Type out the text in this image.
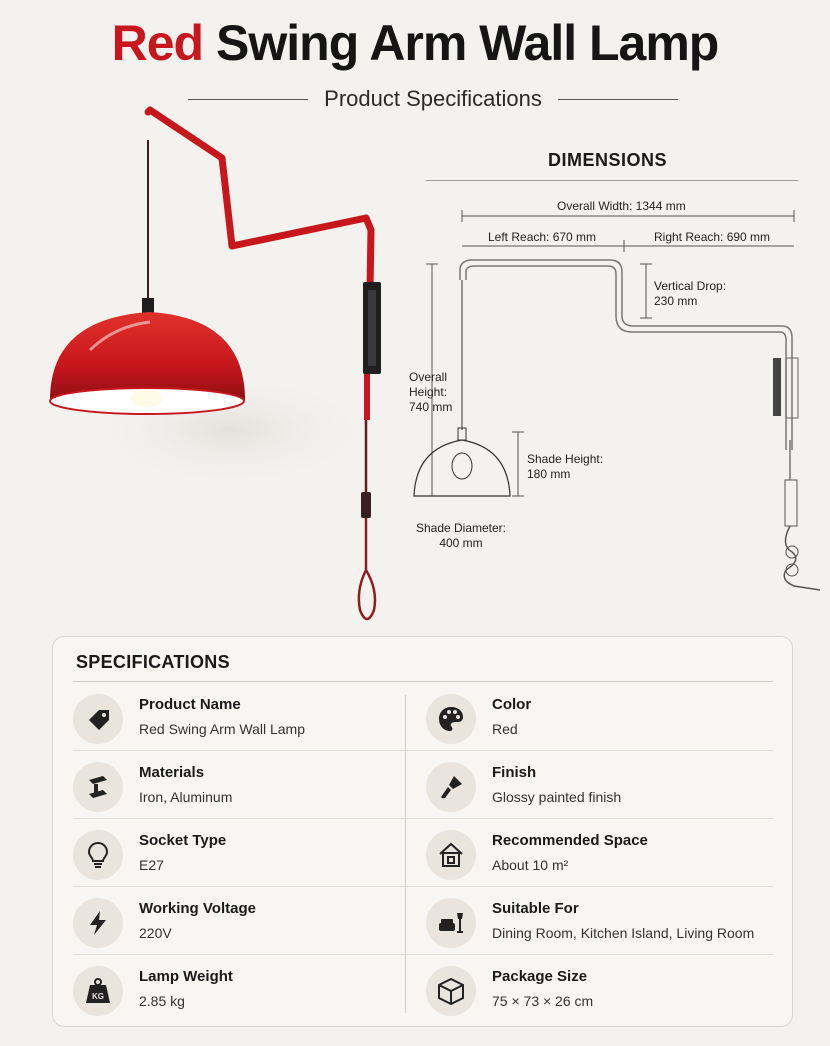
Red Swing Arm Wall Lamp
Product Specifications
DIMENSIONS
Overall Width: 1344 mm
Left Reach: 670 mm	Right Reach: 690 mm
Vertical Drop:
230 mm
Overall
Height:
740 mm
Shade Height:
180 mm
Shade Diameter:
400 mm
SPECIFICATIONS
Product Name
Red Swing Arm Wall Lamp
Color
Red
Materials
Iron, Aluminum
Finish
Glossy painted finish
Socket Type
E27
Recommended Space
About 10 m²
Working Voltage
220V
Suitable For
Dining Room, Kitchen Island, Living Room
KG
Lamp Weight
2.85 kg
Package Size
75 × 73 × 26 cm
